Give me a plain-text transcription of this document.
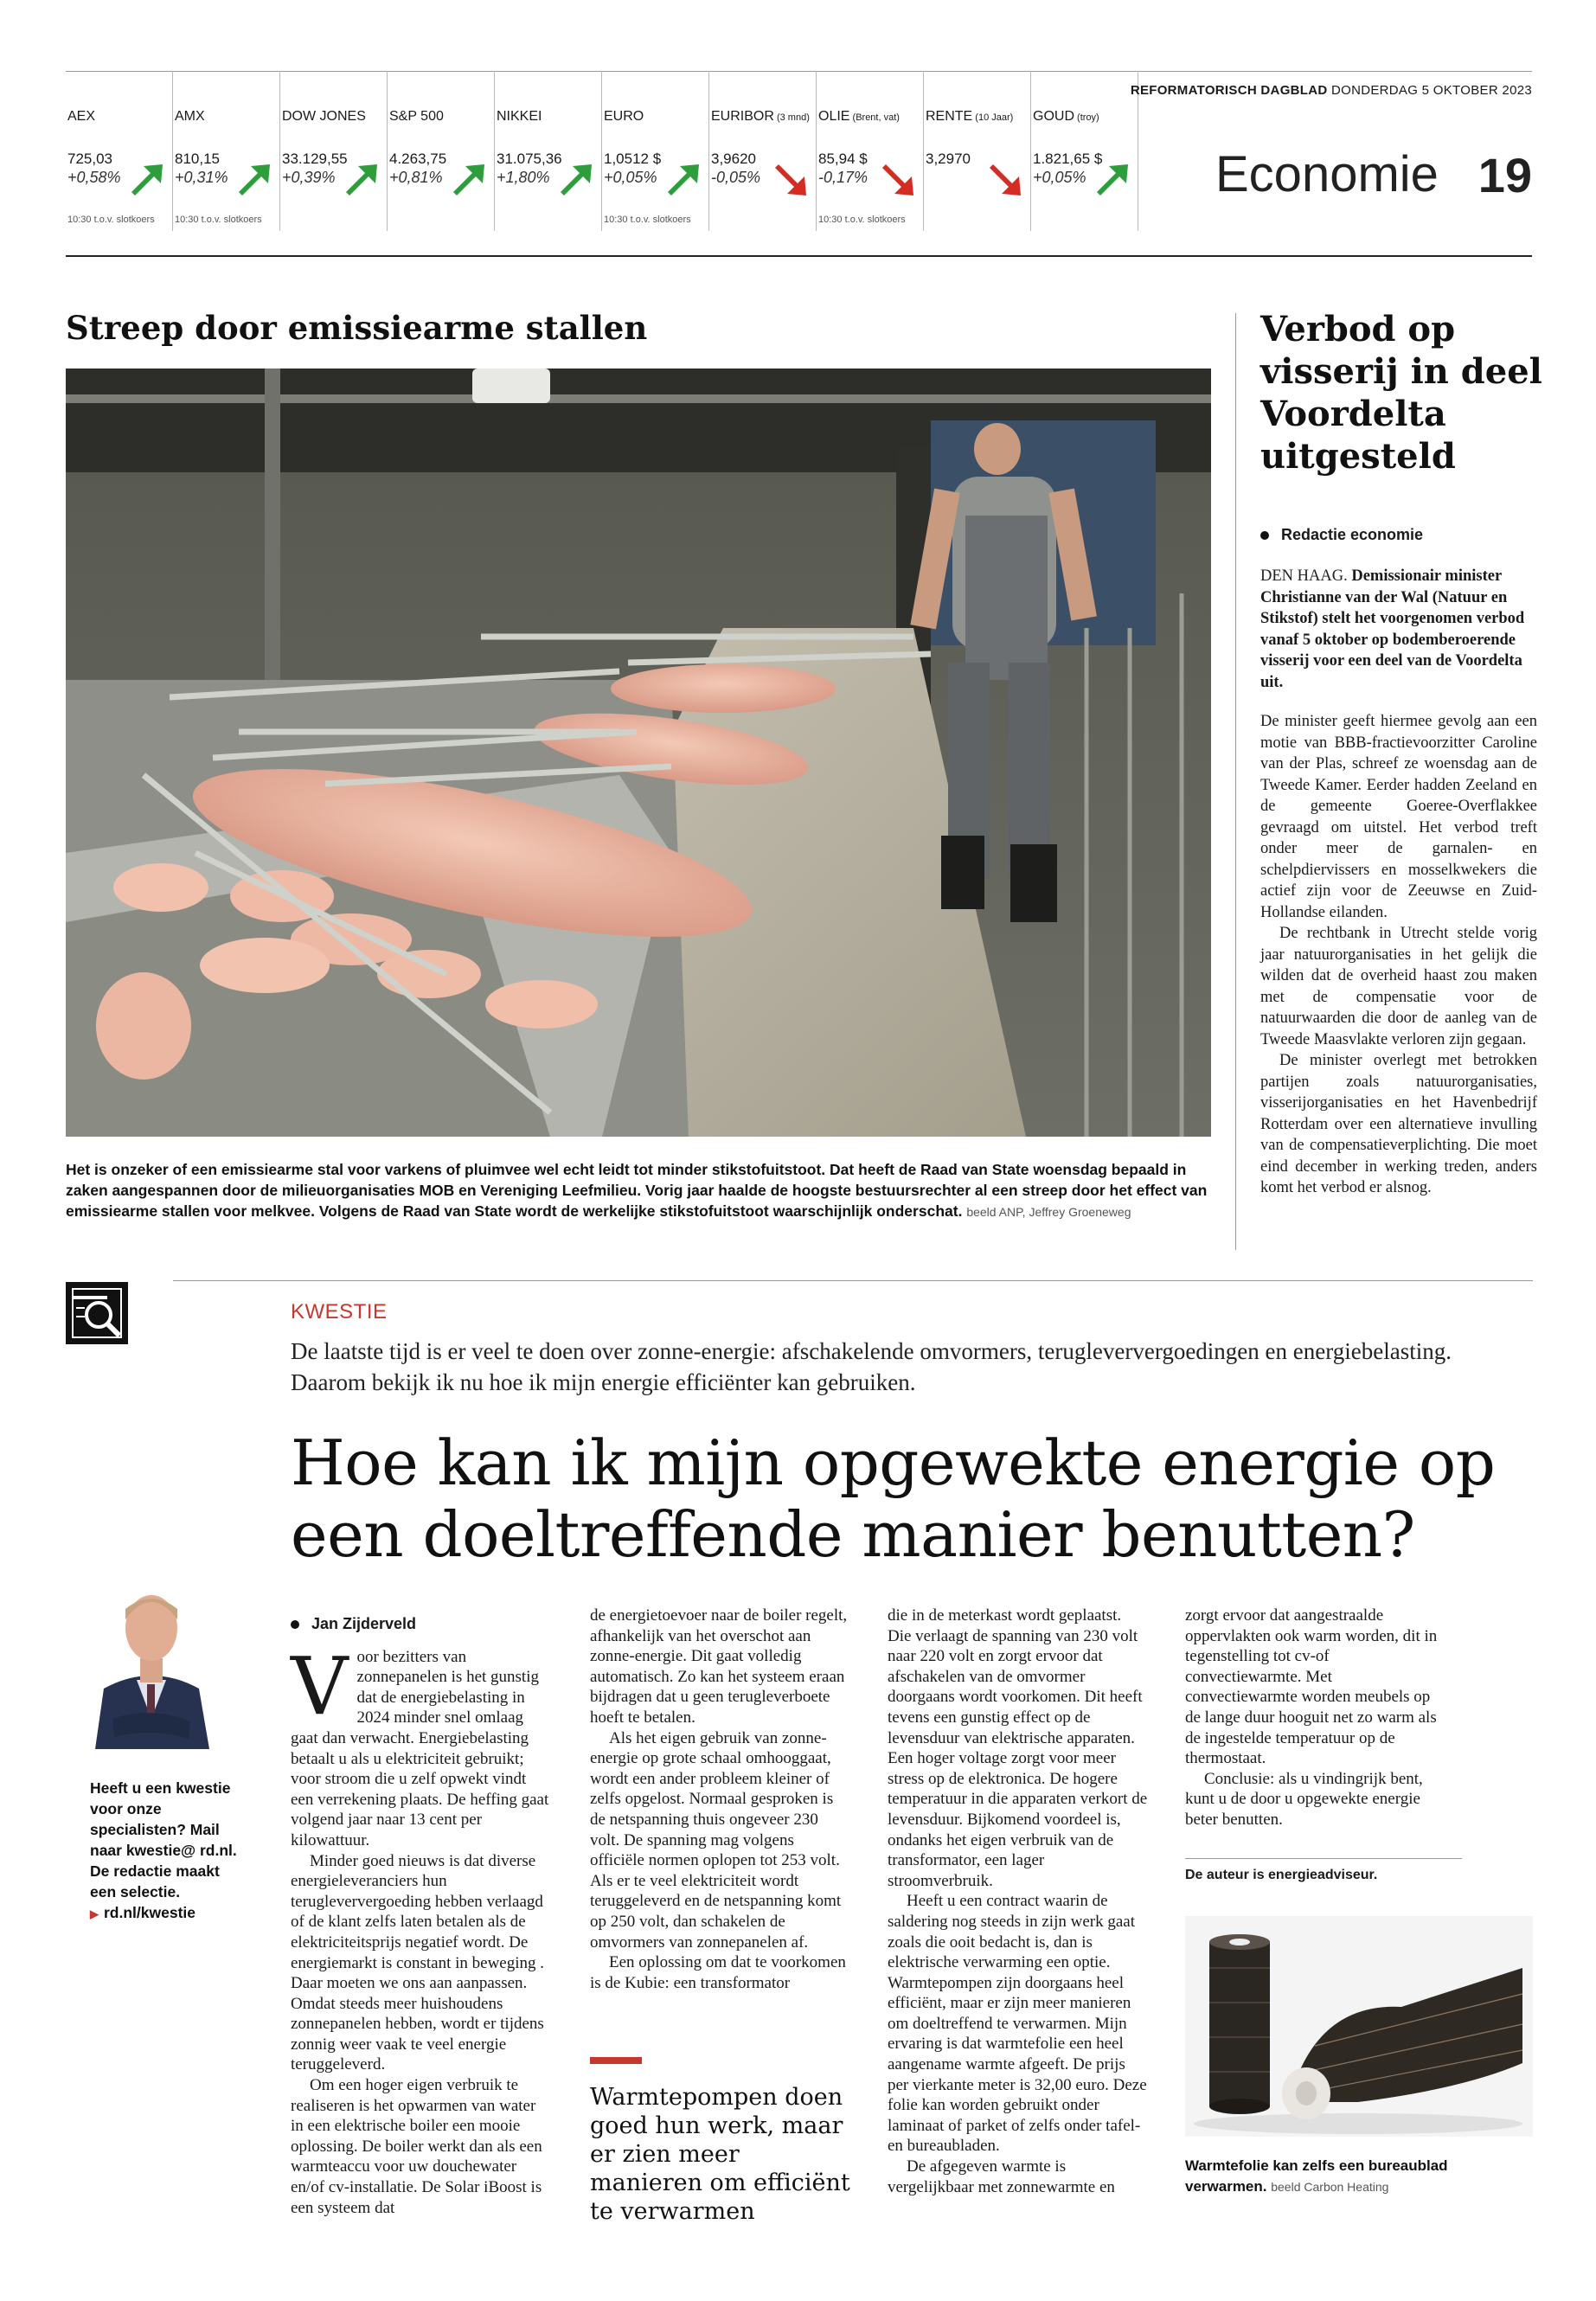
AEX
725,03
+0,58%
10:30 t.o.v. slotkoers
AMX
810,15
+0,31%
10:30 t.o.v. slotkoers
DOW JONES
33.129,55
+0,39%
S&P 500
4.263,75
+0,81%
NIKKEI
31.075,36
+1,80%
EURO
1,0512 $
+0,05%
10:30 t.o.v. slotkoers
EURIBOR (3 mnd)
3,9620
-0,05%
OLIE (Brent, vat)
85,94 $
-0,17%
10:30 t.o.v. slotkoers
RENTE (10 Jaar)
3,2970
GOUD (troy)
1.821,65 $
+0,05%
REFORMATORISCH DAGBLAD DONDERDAG 5 OKTOBER 2023
Economie 19
Streep door emissiearme stallen
Het is onzeker of een emissiearme stal voor varkens of pluimvee wel echt leidt tot minder stikstofuitstoot. Dat heeft de Raad van State woensdag bepaald in zaken aangespannen door de milieuorganisaties MOB en Vereniging Leefmilieu. Vorig jaar haalde de hoogste bestuursrechter al een streep door het effect van emissiearme stallen voor melkvee. Volgens de Raad van State wordt de werkelijke stikstofuitstoot waarschijnlijk onderschat. beeld ANP, Jeffrey Groeneweg
Verbod op visserij in deel Voordelta uitgesteld
Redactie economie
DEN HAAG. Demissionair minister Christianne van der Wal (Natuur en Stikstof) stelt het voorgenomen verbod vanaf 5 oktober op bodemberoerende visserij voor een deel van de Voordelta uit.

De minister geeft hiermee gevolg aan een motie van BBB-fractievoorzitter Caroline van der Plas, schreef ze woensdag aan de Tweede Kamer. Eerder hadden Zeeland en de gemeente Goeree-Overflakkee gevraagd om uitstel. Het verbod treft onder meer de garnalen- en schelpdiervissers en mosselkwekers die actief zijn voor de Zeeuwse en Zuid-Hollandse eilanden.

De rechtbank in Utrecht stelde vorig jaar natuurorganisaties in het gelijk die wilden dat de overheid haast zou maken met de compensatie voor de natuurwaarden die door de aanleg van de Tweede Maasvlakte verloren zijn gegaan.

De minister overlegt met betrokken partijen zoals natuurorganisaties, visserijorganisaties en het Havenbedrijf Rotterdam over een alternatieve invulling van de compensatieverplichting. Die moet eind december in werking treden, anders komt het verbod er alsnog.

KWESTIE

De laatste tijd is er veel te doen over zonne-energie: afschakelende omvormers, terugleververgoedingen en energiebelasting. Daarom bekijk ik nu hoe ik mijn energie efficiënter kan gebruiken.

Hoe kan ik mijn opgewekte energie op een doeltreffende manier benutten?
Heeft u een kwestie voor onze specialisten? Mail naar kwestie@ rd.nl. De redactie maakt een selectie.
▶ rd.nl/kwestie
Jan Zijderveld

Voor bezitters van zonnepanelen is het gunstig dat de energiebelasting in 2024 minder snel omlaag gaat dan verwacht. Energiebelasting betaalt u als u elektriciteit gebruikt; voor stroom die u zelf opwekt vindt een verrekening plaats. De heffing gaat volgend jaar naar 13 cent per kilowattuur.

Minder goed nieuws is dat diverse energieleveranciers hun terugleververgoeding hebben verlaagd of de klant zelfs laten betalen als de elektriciteitsprijs negatief wordt. De energiemarkt is constant in beweging . Daar moeten we ons aan aanpassen. Omdat steeds meer huishoudens zonnepanelen hebben, wordt er tijdens zonnig weer vaak te veel energie teruggeleverd.

Om een hoger eigen verbruik te realiseren is het opwarmen van water in een elektrische boiler een mooie oplossing. De boiler werkt dan als een warmteaccu voor uw douchewater en/of cv-installatie. De Solar iBoost is een systeem dat

de energietoevoer naar de boiler regelt, afhankelijk van het overschot aan zonne-energie. Dit gaat volledig automatisch. Zo kan het systeem eraan bijdragen dat u geen terugleverboete hoeft te betalen.

Als het eigen gebruik van zonne-energie op grote schaal omhooggaat, wordt een ander probleem kleiner of zelfs opgelost. Normaal gesproken is de netspanning thuis ongeveer 230 volt. De spanning mag volgens officiële normen oplopen tot 253 volt. Als er te veel elektriciteit wordt teruggeleverd en de netspanning komt op 250 volt, dan schakelen de omvormers van zonnepanelen af.

Een oplossing om dat te voorkomen is de Kubie: een transformator

Warmtepompen doen goed hun werk, maar er zien meer manieren om efficiënt te verwarmen

die in de meterkast wordt geplaatst. Die verlaagt de spanning van 230 volt naar 220 volt en zorgt ervoor dat afschakelen van de omvormer doorgaans wordt voorkomen. Dit heeft tevens een gunstig effect op de levensduur van elektrische apparaten. Een hoger voltage zorgt voor meer stress op de elektronica. De hogere temperatuur in die apparaten verkort de levensduur. Bijkomend voordeel is, ondanks het eigen verbruik van de transformator, een lager stroomverbruik.

Heeft u een contract waarin de saldering nog steeds in zijn werk gaat zoals die ooit bedacht is, dan is elektrische verwarming een optie. Warmtepompen zijn doorgaans heel efficiënt, maar er zijn meer manieren om doeltreffend te verwarmen. Mijn ervaring is dat warmtefolie een heel aangename warmte afgeeft. De prijs per vierkante meter is 32,00 euro. Deze folie kan worden gebruikt onder laminaat of parket of zelfs onder tafel- en bureaubladen.

De afgegeven warmte is vergelijkbaar met zonnewarmte en

zorgt ervoor dat aangestraalde oppervlakten ook warm worden, dit in tegenstelling tot cv-of convectiewarmte. Met convectiewarmte worden meubels op de lange duur hooguit net zo warm als de ingestelde temperatuur op de thermostaat.

Conclusie: als u vindingrijk bent, kunt u de door u opgewekte energie beter benutten.

De auteur is energieadviseur.
Warmtefolie kan zelfs een bureaublad verwarmen. beeld Carbon Heating
